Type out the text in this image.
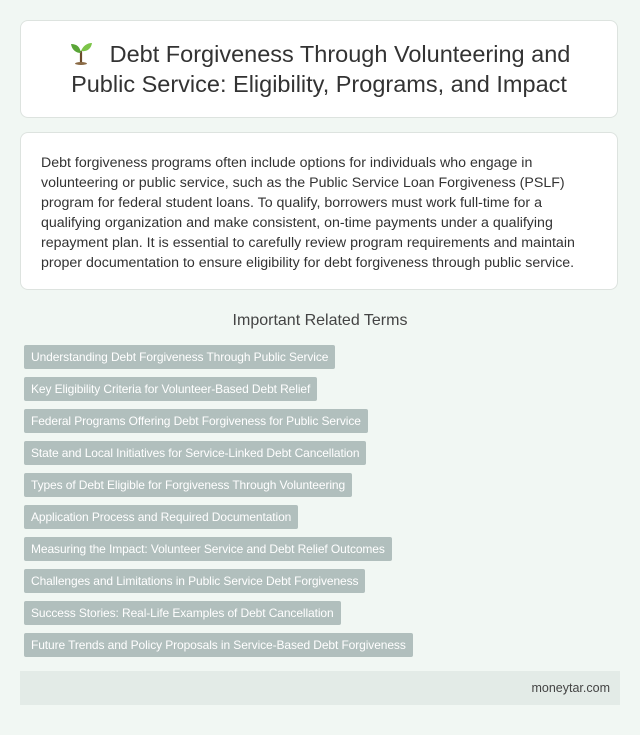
Debt Forgiveness Through Volunteering and Public Service: Eligibility, Programs, and Impact

Debt forgiveness programs often include options for individuals who engage in volunteering or public service, such as the Public Service Loan Forgiveness (PSLF) program for federal student loans. To qualify, borrowers must work full-time for a qualifying organization and make consistent, on-time payments under a qualifying repayment plan. It is essential to carefully review program requirements and maintain proper documentation to ensure eligibility for debt forgiveness through public service.

Important Related Terms
Understanding Debt Forgiveness Through Public Service
Key Eligibility Criteria for Volunteer-Based Debt Relief
Federal Programs Offering Debt Forgiveness for Public Service
State and Local Initiatives for Service-Linked Debt Cancellation
Types of Debt Eligible for Forgiveness Through Volunteering
Application Process and Required Documentation
Measuring the Impact: Volunteer Service and Debt Relief Outcomes
Challenges and Limitations in Public Service Debt Forgiveness
Success Stories: Real-Life Examples of Debt Cancellation
Future Trends and Policy Proposals in Service-Based Debt Forgiveness
moneytar.com
